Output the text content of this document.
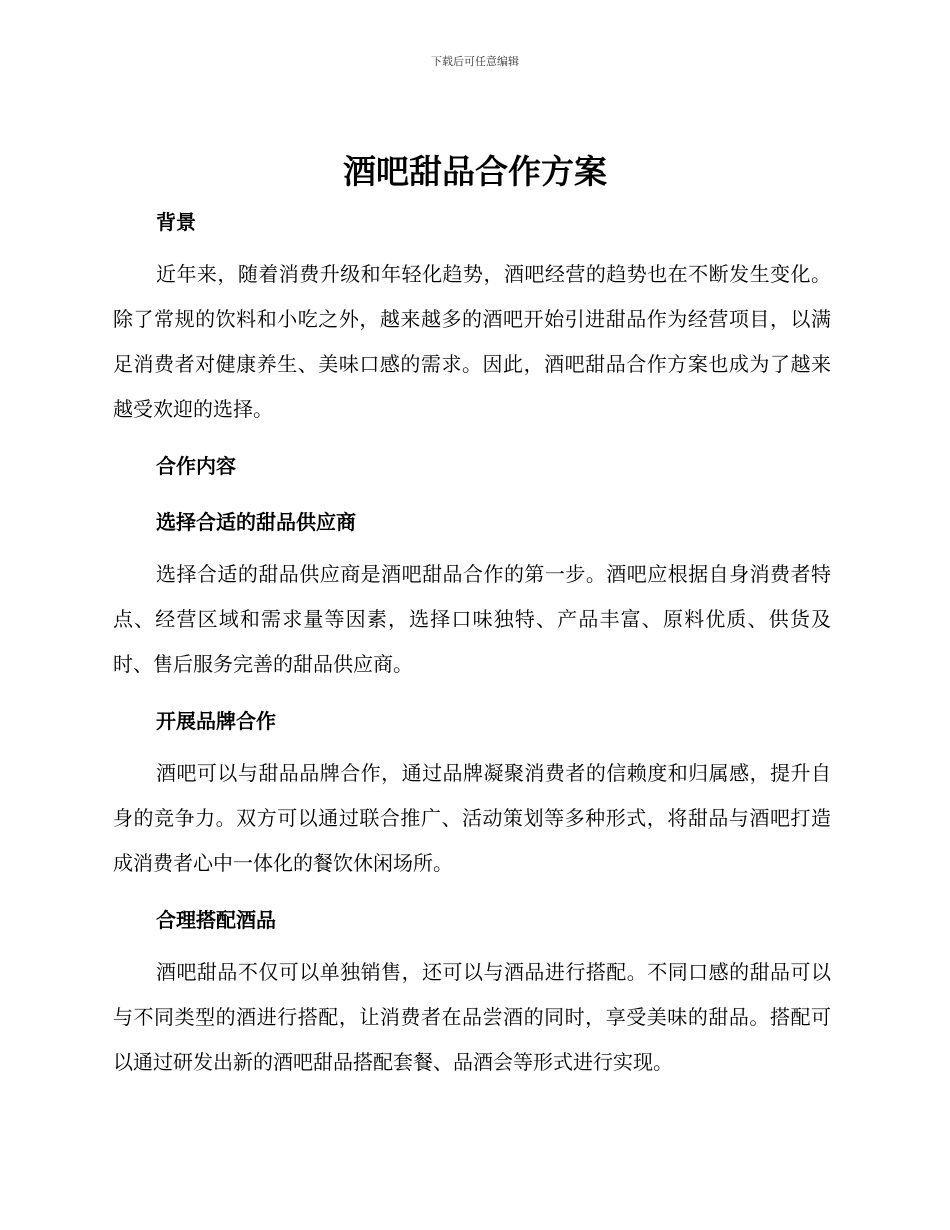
下载后可任意编辑
酒吧甜品合作方案
背景

近年来，随着消费升级和年轻化趋势，酒吧经营的趋势也在不断发生变化。除了常规的饮料和小吃之外，越来越多的酒吧开始引进甜品作为经营项目，以满足消费者对健康养生、美味口感的需求。因此，酒吧甜品合作方案也成为了越来越受欢迎的选择。

合作内容
选择合适的甜品供应商

选择合适的甜品供应商是酒吧甜品合作的第一步。酒吧应根据自身消费者特点、经营区域和需求量等因素，选择口味独特、产品丰富、原料优质、供货及时、售后服务完善的甜品供应商。

开展品牌合作

酒吧可以与甜品品牌合作，通过品牌凝聚消费者的信赖度和归属感，提升自身的竞争力。双方可以通过联合推广、活动策划等多种形式，将甜品与酒吧打造成消费者心中一体化的餐饮休闲场所。

合理搭配酒品

酒吧甜品不仅可以单独销售，还可以与酒品进行搭配。不同口感的甜品可以与不同类型的酒进行搭配，让消费者在品尝酒的同时，享受美味的甜品。搭配可以通过研发出新的酒吧甜品搭配套餐、品酒会等形式进行实现。
